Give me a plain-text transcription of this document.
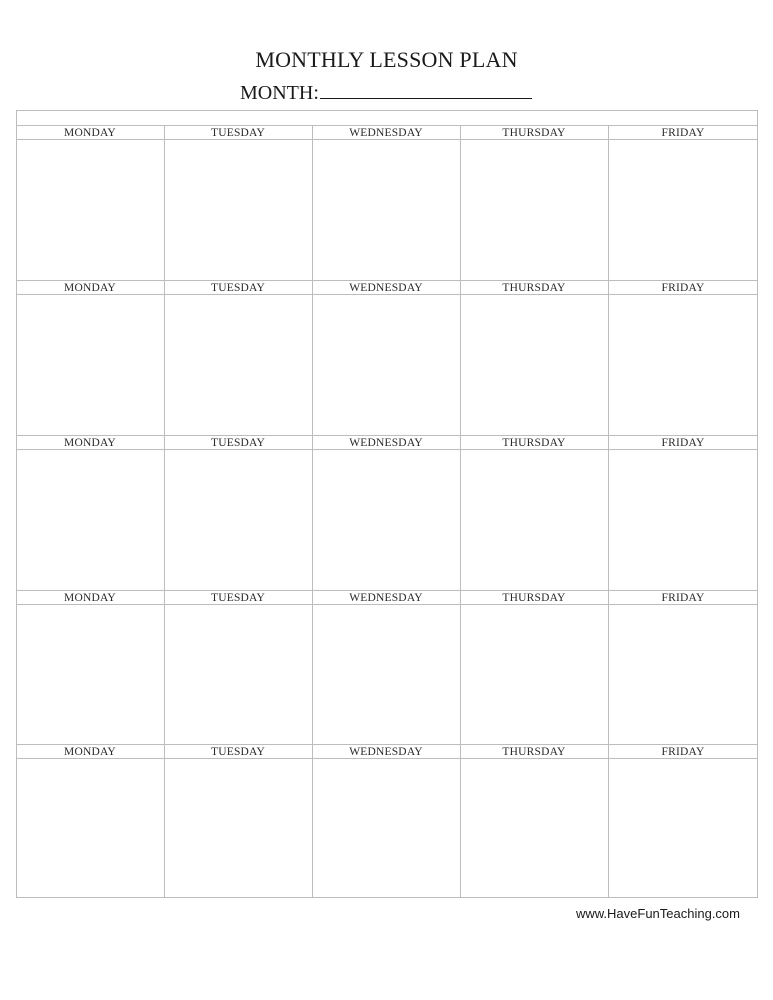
MONTHLY LESSON PLAN
MONTH:
MONDAY	TUESDAY	WEDNESDAY	THURSDAY	FRIDAY
MONDAY	TUESDAY	WEDNESDAY	THURSDAY	FRIDAY
MONDAY	TUESDAY	WEDNESDAY	THURSDAY	FRIDAY
MONDAY	TUESDAY	WEDNESDAY	THURSDAY	FRIDAY
MONDAY	TUESDAY	WEDNESDAY	THURSDAY	FRIDAY
www.HaveFunTeaching.com
